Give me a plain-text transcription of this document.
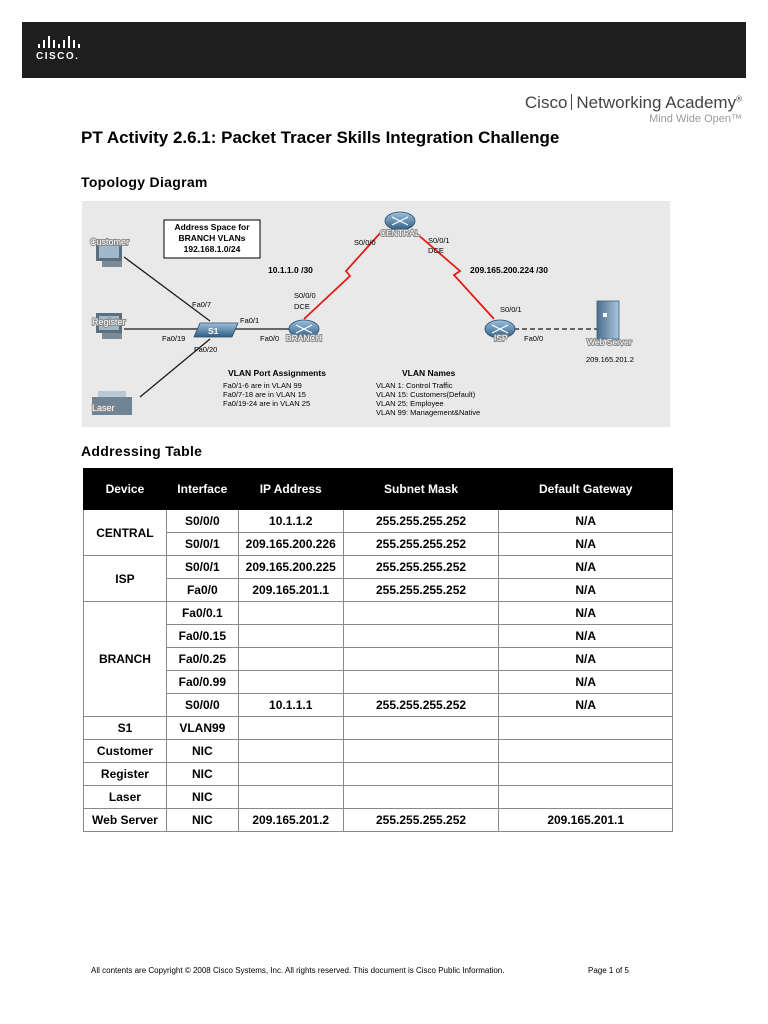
CISCO.
Cisco Networking Academy®
Mind Wide Open™
PT Activity 2.6.1: Packet Tracer Skills Integration Challenge
Topology Diagram
Address Space for
BRANCH VLANs
192.168.1.0/24
Customer
Register
Laser
S1
BRANCH
CENTRAL
ISP	Web Server
209.165.201.2
Fa0/7
Fa0/1
Fa0/19
Fa0/20
Fa0/0
S0/0/0
DCE
S0/0/0	S0/0/1
DCE
S0/0/1
Fa0/0
10.1.1.0 /30	209.165.200.224 /30
VLAN Port Assignments
Fa0/1-6 are in VLAN 99
Fa0/7-18 are in VLAN 15
Fa0/19-24 are in VLAN 25
VLAN Names
VLAN 1: Control Traffic
VLAN 15: Customers(Default)
VLAN 25: Employee
VLAN 99: Management&Native
Addressing Table
Device	Interface	IP Address	Subnet Mask	Default Gateway
CENTRAL	S0/0/0	10.1.1.2	255.255.255.252	N/A
	S0/0/1	209.165.200.226	255.255.255.252	N/A
ISP	S0/0/1	209.165.200.225	255.255.255.252	N/A
	Fa0/0	209.165.201.1	255.255.255.252	N/A
BRANCH	Fa0/0.1			N/A
	Fa0/0.15			N/A
	Fa0/0.25			N/A
	Fa0/0.99			N/A
	S0/0/0	10.1.1.1	255.255.255.252	N/A
S1	VLAN99			
Customer	NIC			
Register	NIC			
Laser	NIC			
Web Server	NIC	209.165.201.2	255.255.255.252	209.165.201.1
All contents are Copyright © 2008 Cisco Systems, Inc. All rights reserved. This document is Cisco Public Information.	Page 1 of 5
